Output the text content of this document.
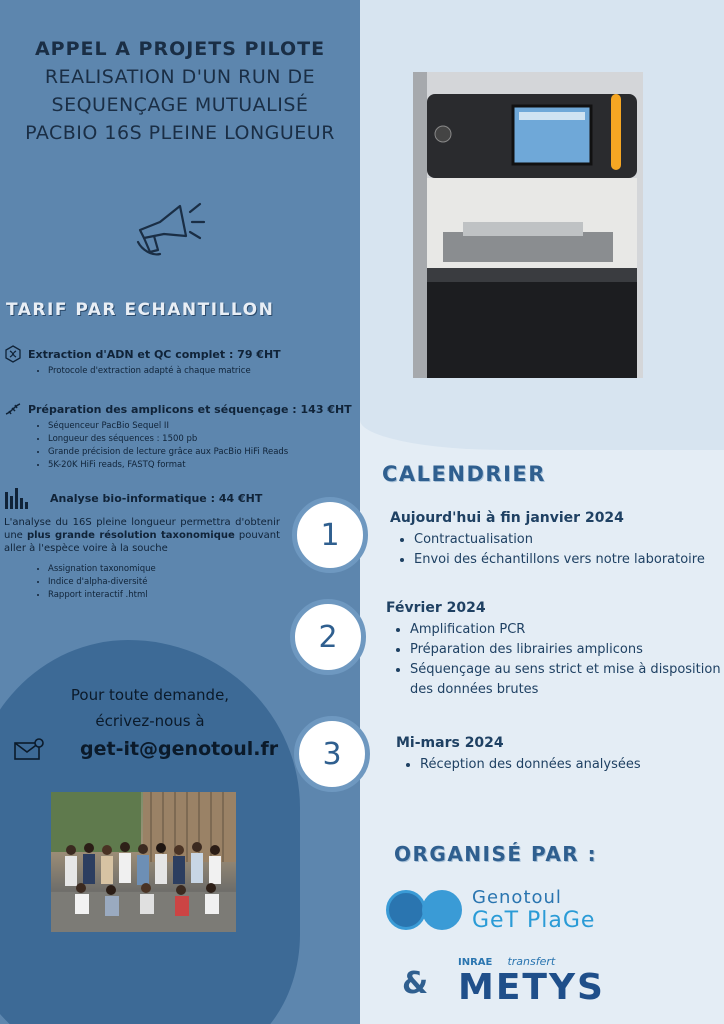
APPEL A PROJETS PILOTE
REALISATION D'UN RUN DE
SEQUENÇAGE MUTUALISÉ
PACBIO 16S PLEINE LONGUEUR
TARIF PAR ECHANTILLON
Extraction d'ADN et QC complet : 79 €HT
• Protocole d'extraction adapté à chaque matrice
Préparation des amplicons et séquençage : 143 €HT
• Séquenceur PacBio Sequel II
• Longueur des séquences : 1500 pb
• Grande précision de lecture grâce aux PacBio HiFi Reads
• 5K-20K HiFi reads, FASTQ format
Analyse bio-informatique : 44 €HT
L'analyse du 16S pleine longueur permettra d'obtenir une plus grande résolution taxonomique pouvant aller à l'espèce voire à la souche
• Assignation taxonomique
• Indice d'alpha-diversité
• Rapport interactif .html
Pour toute demande,
écrivez-nous à
get-it@genotoul.fr
CALENDRIER
1	Aujourd'hui à fin janvier 2024
• Contractualisation
• Envoi des échantillons vers notre laboratoire
2
Février 2024
• Amplification PCR
• Préparation des librairies amplicons
• Séquençage au sens strict et mise à disposition des données brutes
3	Mi-mars 2024
• Réception des données analysées
ORGANISÉ PAR :
Genotoul
GeT PlaGe
&
INRAE transfert
METYS
